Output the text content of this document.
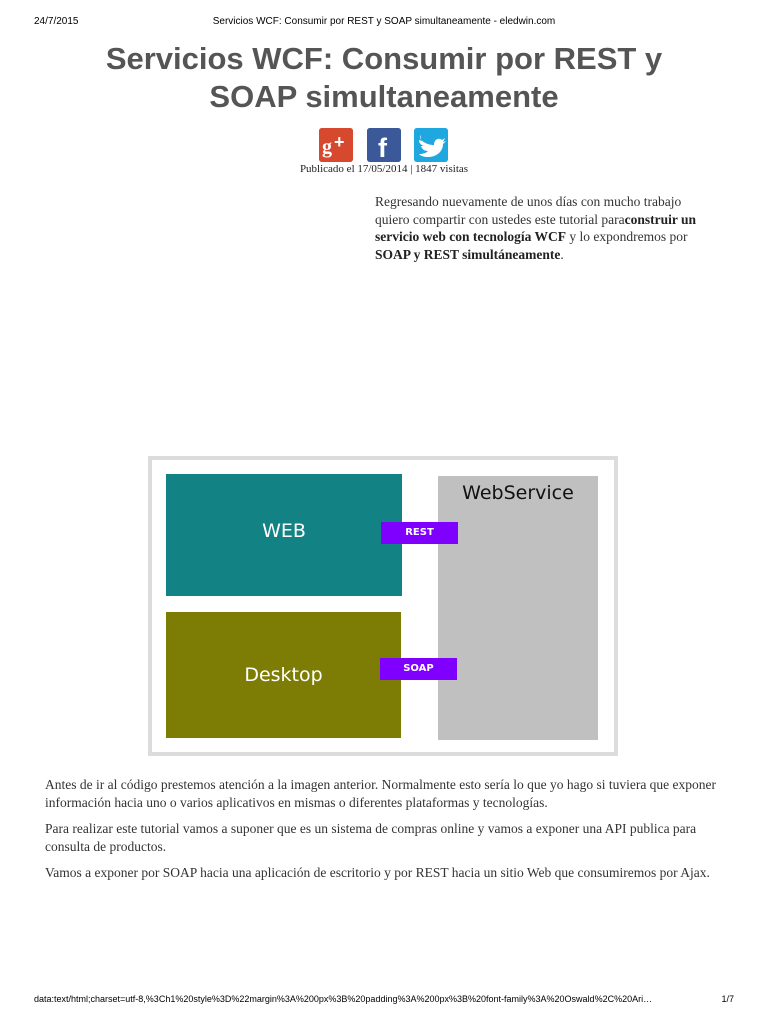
24/7/2015	Servicios WCF: Consumir por REST y SOAP simultaneamente - eledwin.com
Servicios WCF: Consumir por REST y
SOAP simultaneamente
g + f
Publicado el 17/05/2014 | 1847 visitas
Regresando nuevamente de unos días con mucho trabajo quiero compartir con ustedes este tutorial paraconstruir un servicio web con tecnología WCF y lo expondremos por SOAP y REST simultáneamente.
WEB
Desktop
WebService
REST
SOAP

Antes de ir al código prestemos atención a la imagen anterior. Normalmente esto sería lo que yo hago si tuviera que exponer información hacia uno o varios aplicativos en mismas o diferentes plataformas y tecnologías.

Para realizar este tutorial vamos a suponer que es un sistema de compras online y vamos a exponer una API publica para consulta de productos.

Vamos a exponer por SOAP hacia una aplicación de escritorio y por REST hacia un sitio Web que consumiremos por Ajax.

data:text/html;charset=utf-8,%3Ch1%20style%3D%22margin%3A%200px%3B%20padding%3A%200px%3B%20font-family%3A%20Oswald%2C%20Ari…	1/7
